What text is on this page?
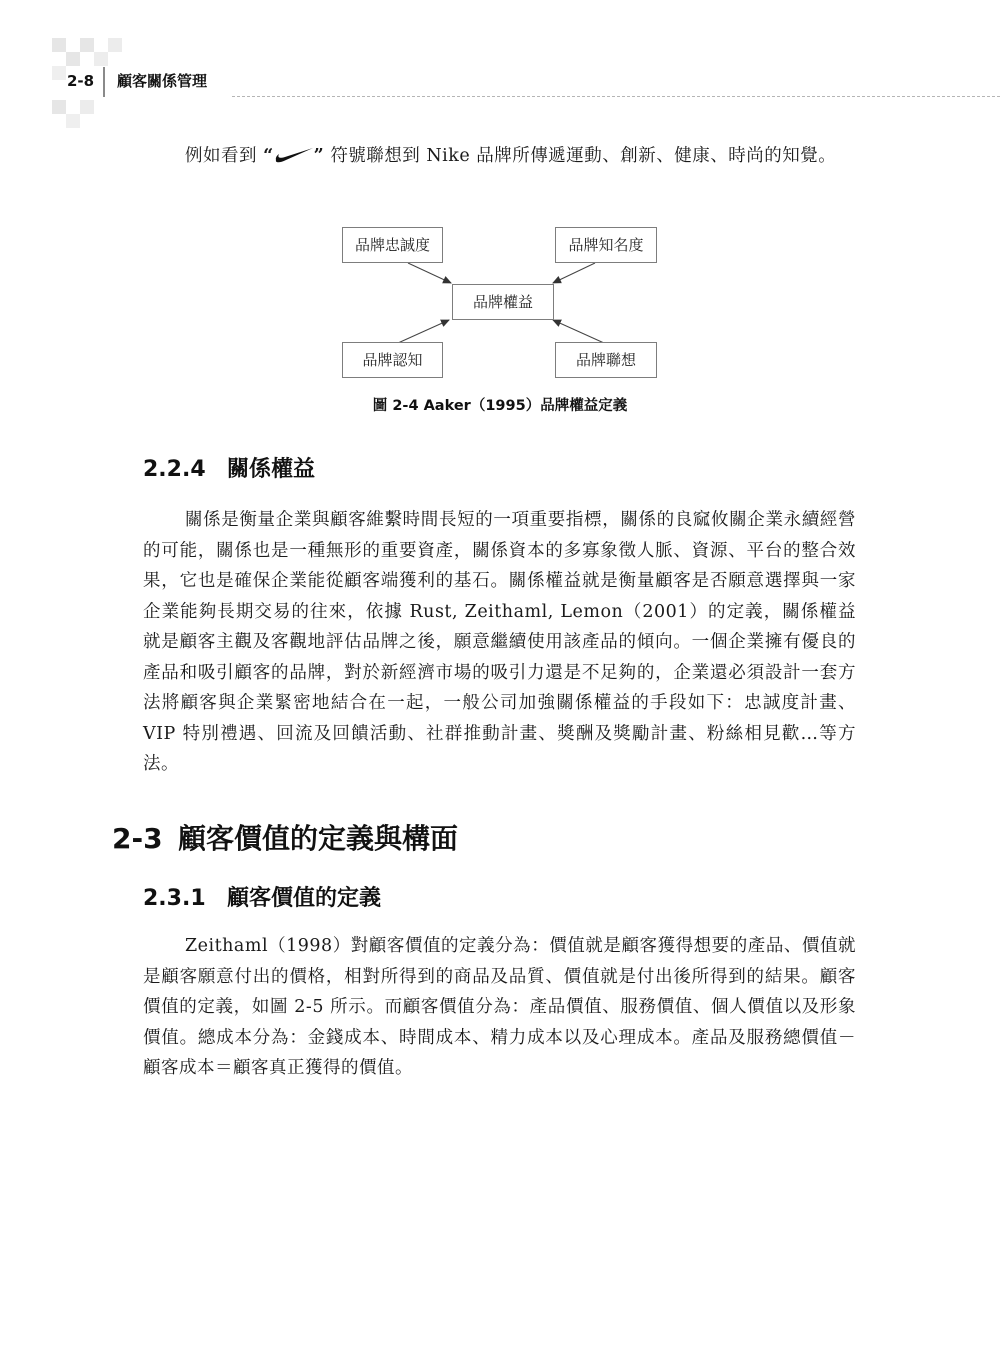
2-8 顧客關係管理

例如看到 “ ” 符號聯想到 Nike 品牌所傳遞運動、創新、健康、時尚的知覺。

品牌忠誠度	品牌知名度
品牌權益
品牌認知	品牌聯想
圖 2-4 Aaker（1995）品牌權益定義
2.2.4 關係權益

關係是衡量企業與顧客維繫時間長短的一項重要指標，關係的良窳攸關企業永續經營的可能，關係也是一種無形的重要資產，關係資本的多寡象徵人脈、資源、平台的整合效果，它也是確保企業能從顧客端獲利的基石。關係權益就是衡量顧客是否願意選擇與一家企業能夠長期交易的往來，依據 Rust, Zeithaml, Lemon（2001）的定義，關係權益就是顧客主觀及客觀地評估品牌之後，願意繼續使用該產品的傾向。一個企業擁有優良的產品和吸引顧客的品牌，對於新經濟市場的吸引力還是不足夠的，企業還必須設計一套方法將顧客與企業緊密地結合在一起，一般公司加強關係權益的手段如下：忠誠度計畫、VIP 特別禮遇、回流及回饋活動、社群推動計畫、獎酬及獎勵計畫、粉絲相見歡…等方法。

2-3 顧客價值的定義與構面
2.3.1 顧客價值的定義

Zeithaml（1998）對顧客價值的定義分為：價值就是顧客獲得想要的產品、價值就是顧客願意付出的價格，相對所得到的商品及品質、價值就是付出後所得到的結果。顧客價值的定義，如圖 2-5 所示。而顧客價值分為：產品價值、服務價值、個人價值以及形象價值。總成本分為：金錢成本、時間成本、精力成本以及心理成本。產品及服務總價值－顧客成本＝顧客真正獲得的價值。
